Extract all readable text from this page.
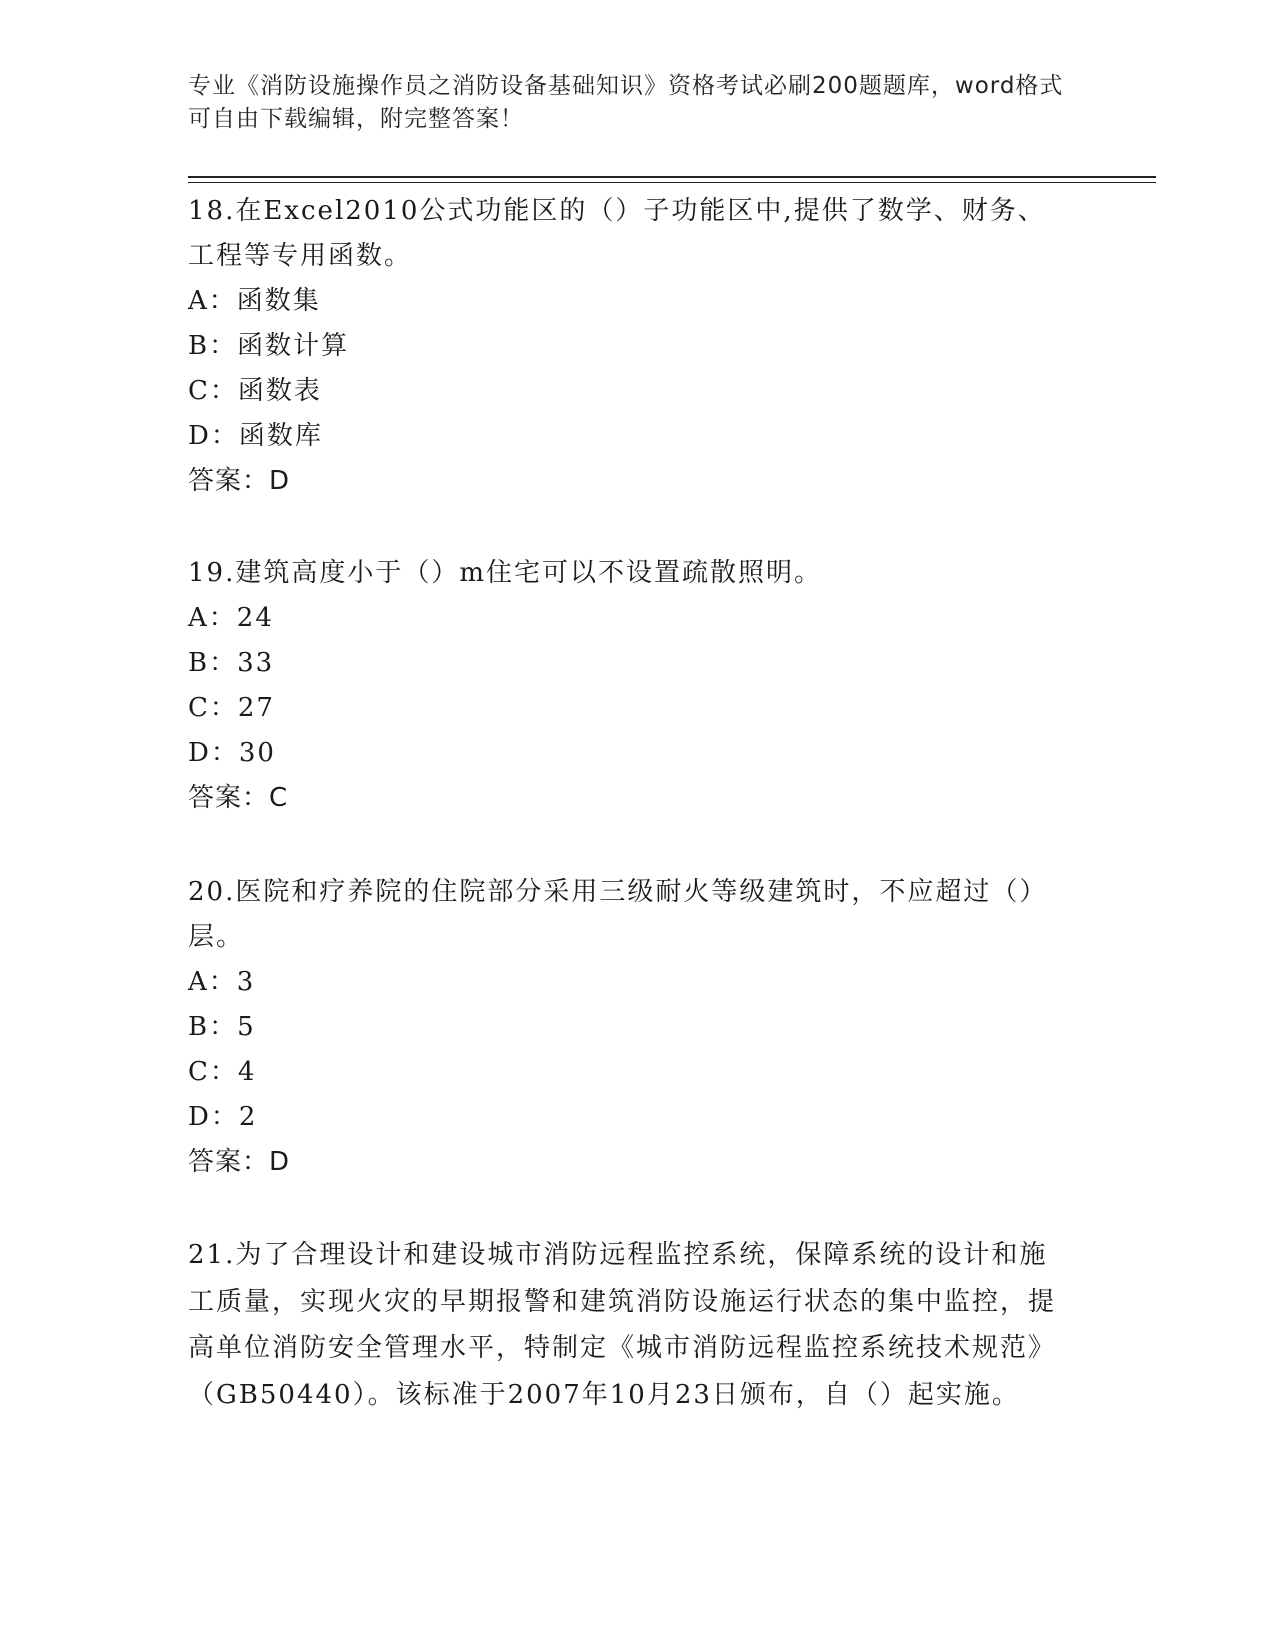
专业《消防设施操作员之消防设备基础知识》资格考试必刷200题题库，word格式可自由下载编辑，附完整答案！

18.在Excel2010公式功能区的（）子功能区中,提供了数学、财务、工程等专用函数。

A：函数集

B：函数计算

C：函数表

D：函数库

答案：D

19.建筑高度小于（）m住宅可以不设置疏散照明。

A：24

B：33

C：27

D：30

答案：C

20.医院和疗养院的住院部分采用三级耐火等级建筑时，不应超过（）层。

A：3

B：5

C：4

D：2

答案：D

21.为了合理设计和建设城市消防远程监控系统，保障系统的设计和施工质量，实现火灾的早期报警和建筑消防设施运行状态的集中监控，提高单位消防安全管理水平，特制定《城市消防远程监控系统技术规范》（GB50440）。该标准于2007年10月23日颁布，自（）起实施。
